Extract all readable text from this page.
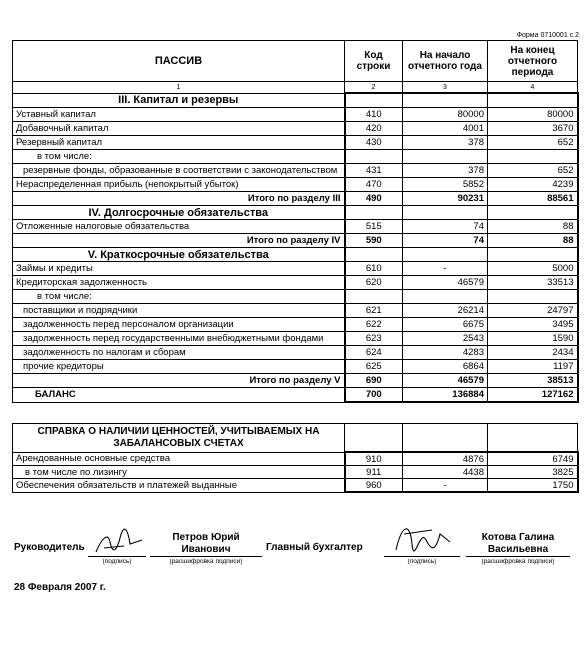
Форма 0710001 с.2
ПАССИВ	Код строки	На начало отчетного года	На конец отчетного периода
1	2	3	4
III. Капитал и резервы			
Уставный капитал	410	80000	80000
Добавочный капитал	420	4001	3670
Резервный капитал	430	378	652
в том числе:			
резервные фонды, образованные в соответствии с законодательством	431	378	652
Нераспределенная прибыль (непокрытый убыток)	470	5852	4239
Итого по разделу III	490	90231	88561
IV. Долгосрочные обязательства			
Отложенные налоговые обязательства	515	74	88
Итого по разделу IV	590	74	88
V. Краткосрочные обязательства			
Займы и кредиты	610	-	5000
Кредиторская задолженность	620	46579	33513
в том числе:			
поставщики и подрядчики	621	26214	24797
задолженность перед персоналом организации	622	6675	3495
задолженность перед государственными внебюджетными фондами	623	2543	1590
задолженность по налогам и сборам	624	4283	2434
прочие кредиторы	625	6864	1197
Итого по разделу V	690	46579	38513
БАЛАНС	700	136884	127162
СПРАВКА О НАЛИЧИИ ЦЕННОСТЕЙ, УЧИТЫВАЕМЫХ НА ЗАБАЛАНСОВЫХ СЧЕТАХ			
Арендованные основные средства	910	4876	6749
в том числе по лизингу	911	4438	3825
Обеспечения обязательств и платежей выданные	960	-	1750
Руководитель
(подпись)
Петров Юрий Иванович
(расшифровка подписи)
Главный бухгалтер
(подпись)
Котова Галина Васильевна
(расшифровка подписи)
28 Февраля 2007 г.
